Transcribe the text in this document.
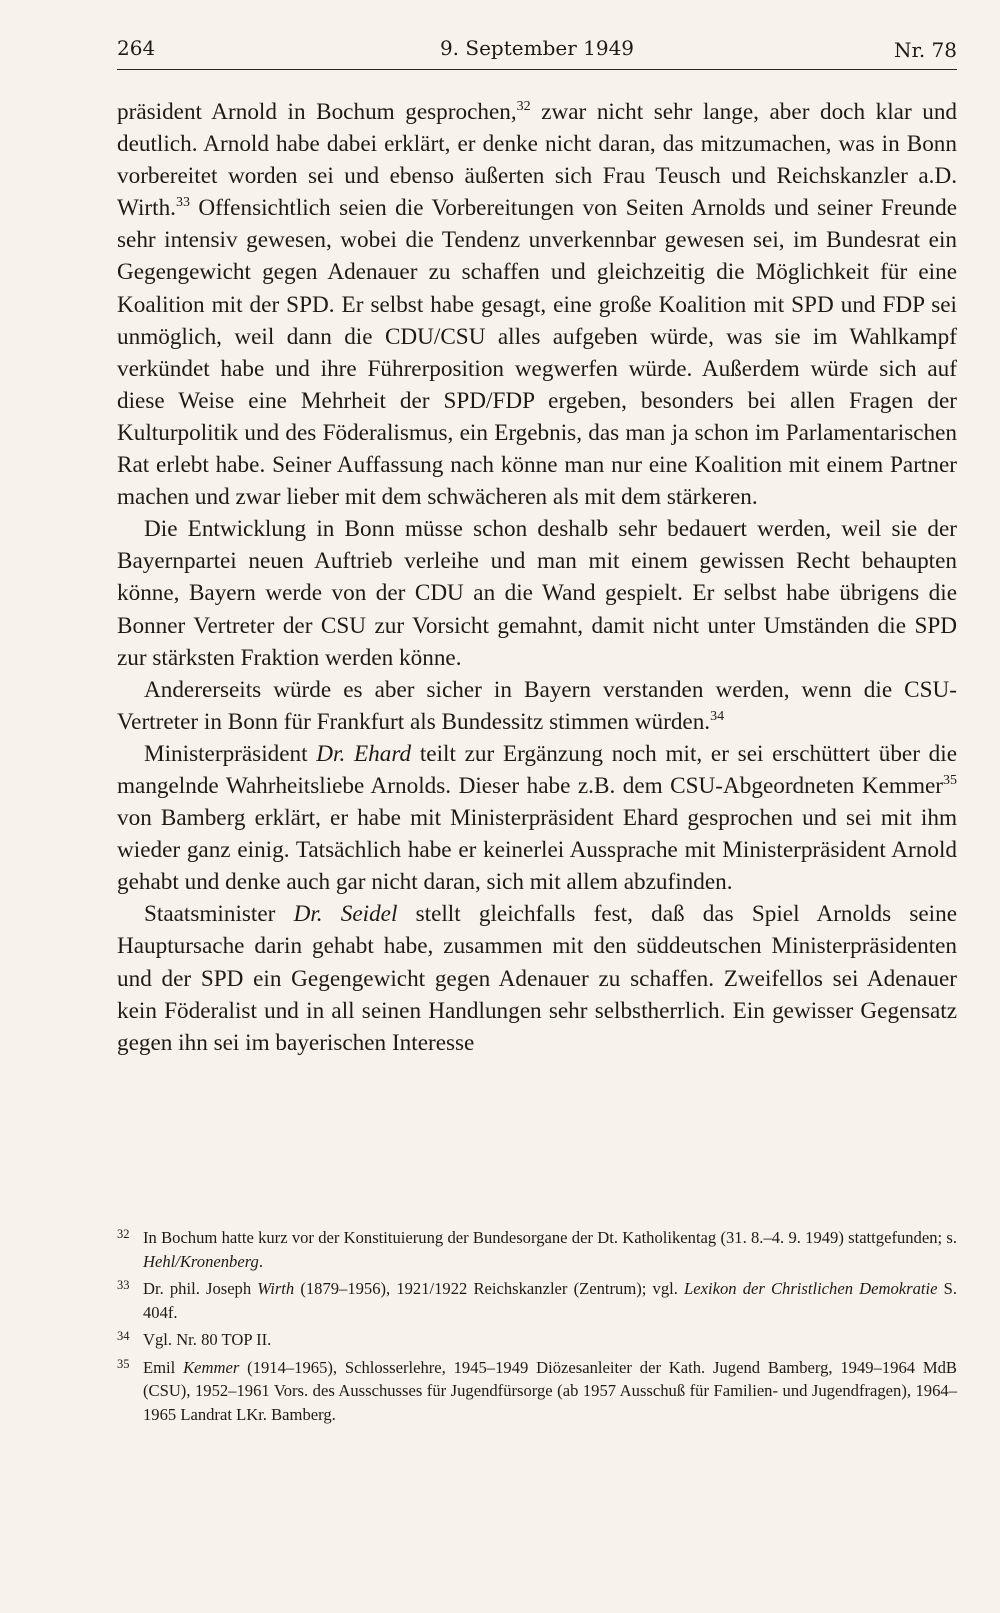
264	9. September 1949	Nr. 78

präsident Arnold in Bochum gesprochen,$^{32}$ zwar nicht sehr lange, aber doch klar und deutlich. Arnold habe dabei erklärt, er denke nicht daran, das mitzumachen, was in Bonn vorbereitet worden sei und ebenso äußerten sich Frau Teusch und Reichskanzler a.D. Wirth.$^{33}$ Offensichtlich seien die Vorbereitungen von Seiten Arnolds und seiner Freunde sehr intensiv gewesen, wobei die Tendenz unverkennbar gewesen sei, im Bundesrat ein Gegengewicht gegen Adenauer zu schaffen und gleichzeitig die Möglichkeit für eine Koalition mit der SPD. Er selbst habe gesagt, eine große Koalition mit SPD und FDP sei unmöglich, weil dann die CDU/CSU alles aufgeben würde, was sie im Wahlkampf verkündet habe und ihre Führerposition wegwerfen würde. Außerdem würde sich auf diese Weise eine Mehrheit der SPD/FDP ergeben, besonders bei allen Fragen der Kulturpolitik und des Föderalismus, ein Ergebnis, das man ja schon im Parlamentarischen Rat erlebt habe. Seiner Auffassung nach könne man nur eine Koalition mit einem Partner machen und zwar lieber mit dem schwächeren als mit dem stärkeren.

Die Entwicklung in Bonn müsse schon deshalb sehr bedauert werden, weil sie der Bayernpartei neuen Auftrieb verleihe und man mit einem gewissen Recht behaupten könne, Bayern werde von der CDU an die Wand gespielt. Er selbst habe übrigens die Bonner Vertreter der CSU zur Vorsicht gemahnt, damit nicht unter Umständen die SPD zur stärksten Fraktion werden könne.

Andererseits würde es aber sicher in Bayern verstanden werden, wenn die CSU-Vertreter in Bonn für Frankfurt als Bundessitz stimmen würden.$^{34}$

Ministerpräsident Dr. Ehard teilt zur Ergänzung noch mit, er sei erschüttert über die mangelnde Wahrheitsliebe Arnolds. Dieser habe z.B. dem CSU-Abgeordneten Kemmer$^{35}$ von Bamberg erklärt, er habe mit Ministerpräsident Ehard gesprochen und sei mit ihm wieder ganz einig. Tatsächlich habe er keinerlei Aussprache mit Ministerpräsident Arnold gehabt und denke auch gar nicht daran, sich mit allem abzufinden.

Staatsminister Dr. Seidel stellt gleichfalls fest, daß das Spiel Arnolds seine Hauptursache darin gehabt habe, zusammen mit den süddeutschen Ministerpräsidenten und der SPD ein Gegengewicht gegen Adenauer zu schaffen. Zweifellos sei Adenauer kein Föderalist und in all seinen Handlungen sehr selbstherrlich. Ein gewisser Gegensatz gegen ihn sei im bayerischen Interesse

32 In Bochum hatte kurz vor der Konstituierung der Bundesorgane der Dt. Katholikentag (31. 8.–4. 9. 1949) stattgefunden; s. Hehl/Kronenberg.
33 Dr. phil. Joseph Wirth (1879–1956), 1921/1922 Reichskanzler (Zentrum); vgl. Lexikon der Christlichen Demokratie S. 404f.
34 Vgl. Nr. 80 TOP II.
35 Emil Kemmer (1914–1965), Schlosserlehre, 1945–1949 Diözesanleiter der Kath. Jugend Bamberg, 1949–1964 MdB (CSU), 1952–1961 Vors. des Ausschusses für Jugendfürsorge (ab 1957 Ausschuß für Familien- und Jugendfragen), 1964–1965 Landrat LKr. Bamberg.
